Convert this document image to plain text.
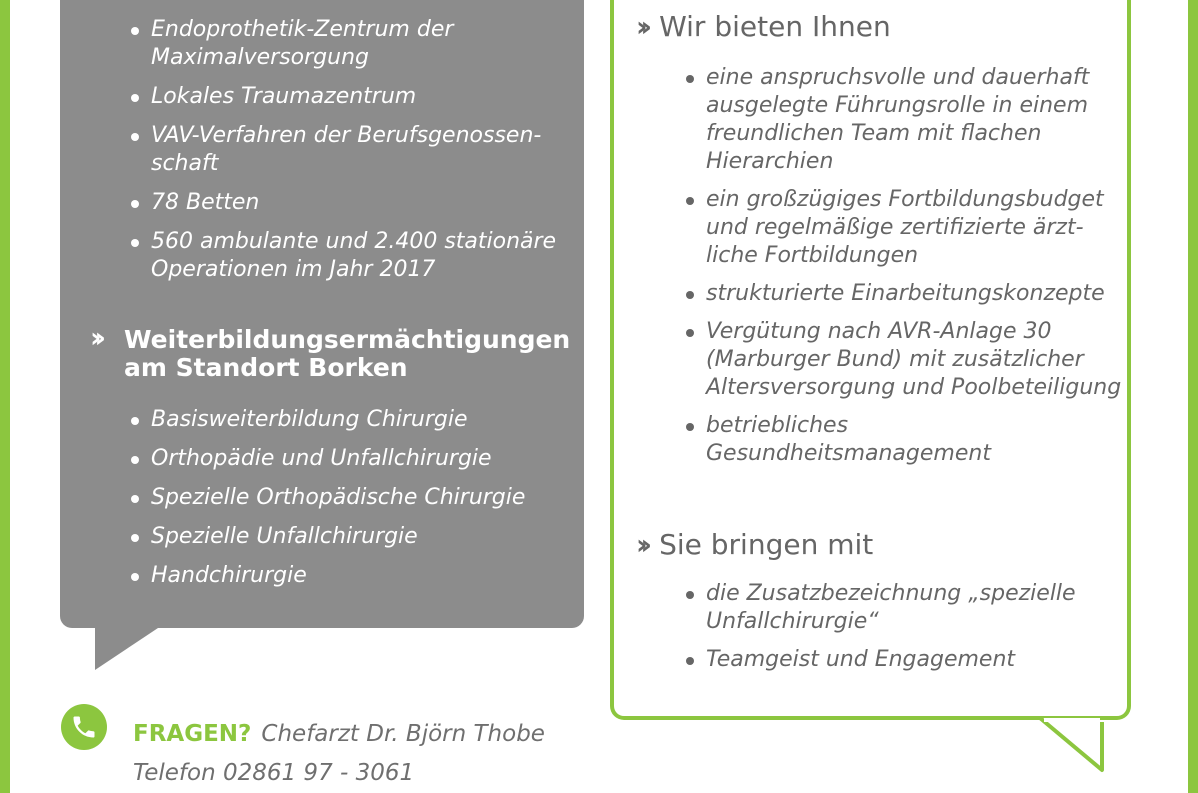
Endoprothetik-Zentrum der Maximalversorgung
Lokales Traumazentrum
VAV-Verfahren der Berufsgenossen-schaft
78 Betten
560 ambulante und 2.400 stationäre Operationen im Jahr 2017
›› Weiterbildungsermächtigungen am Standort Borken
Basisweiterbildung Chirurgie
Orthopädie und Unfallchirurgie
Spezielle Orthopädische Chirurgie
Spezielle Unfallchirurgie
Handchirurgie
›› Wir bieten Ihnen
eine anspruchsvolle und dauerhaft ausgelegte Führungsrolle in einem freundlichen Team mit flachen Hierarchien
ein großzügiges Fortbildungsbudget und regelmäßige zertifizierte ärzt-liche Fortbildungen
strukturierte Einarbeitungskonzepte
Vergütung nach AVR-Anlage 30 (Marburger Bund) mit zusätzlicher Altersversorgung und Poolbeteiligung
betriebliches Gesundheitsmanagement
›› Sie bringen mit
die Zusatzbezeichnung „spezielle Unfallchirurgie“
Teamgeist und Engagement
FRAGEN? Chefarzt Dr. Björn Thobe
Telefon 02861 97 - 3061
